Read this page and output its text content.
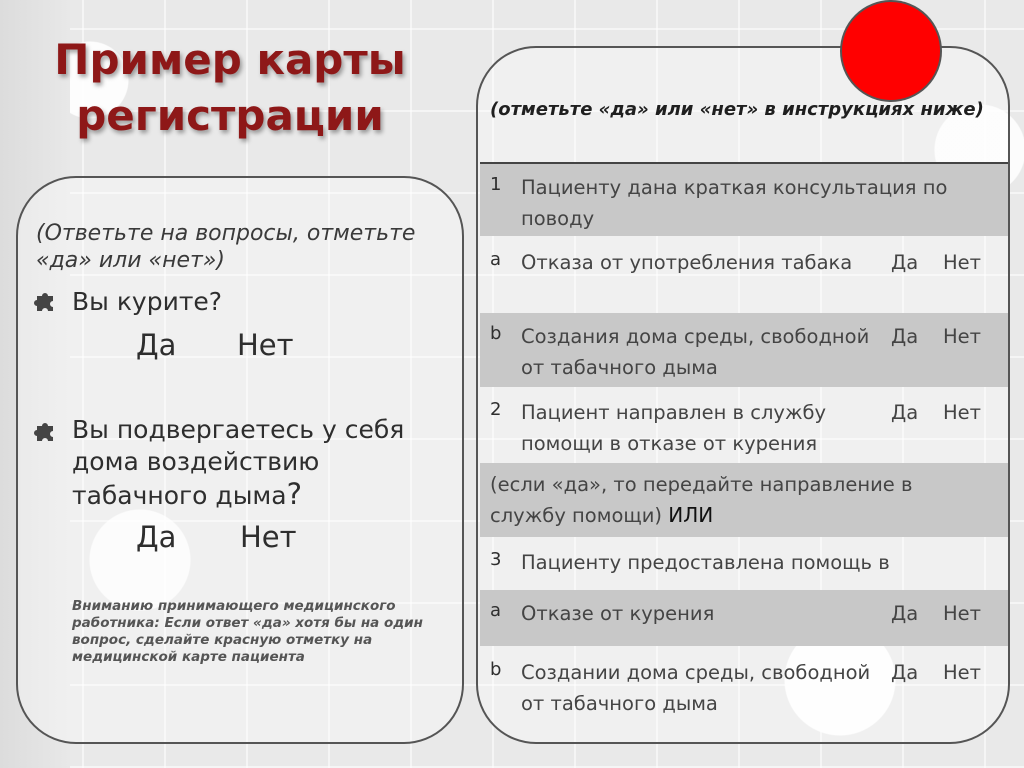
Пример карты
регистрации
(Ответьте на вопросы, отметьте «да» или «нет»)
Вы курите?
Да Нет
Вы подвергаетесь у себя дома воздействию табачного дыма?
Да Нет
Вниманию принимающего медицинского работника: Если ответ «да» хотя бы на один вопрос, сделайте красную отметку на медицинской карте пациента
(отметьте «да» или «нет» в инструкциях ниже)
1 Пациенту дана краткая консультация по поводу
a Отказа от употребления табака	Да Нет
b Создания дома среды, свободной от табачного дыма
Да Нет
2 Пациент направлен в службу помощи в отказе от курения
Да Нет
(если «да», то передайте направление в службу помощи) ИЛИ
3 Пациенту предоставлена помощь в
a Отказе от курения	Да Нет
b Создании дома среды, свободной от табачного дыма
Да Нет
